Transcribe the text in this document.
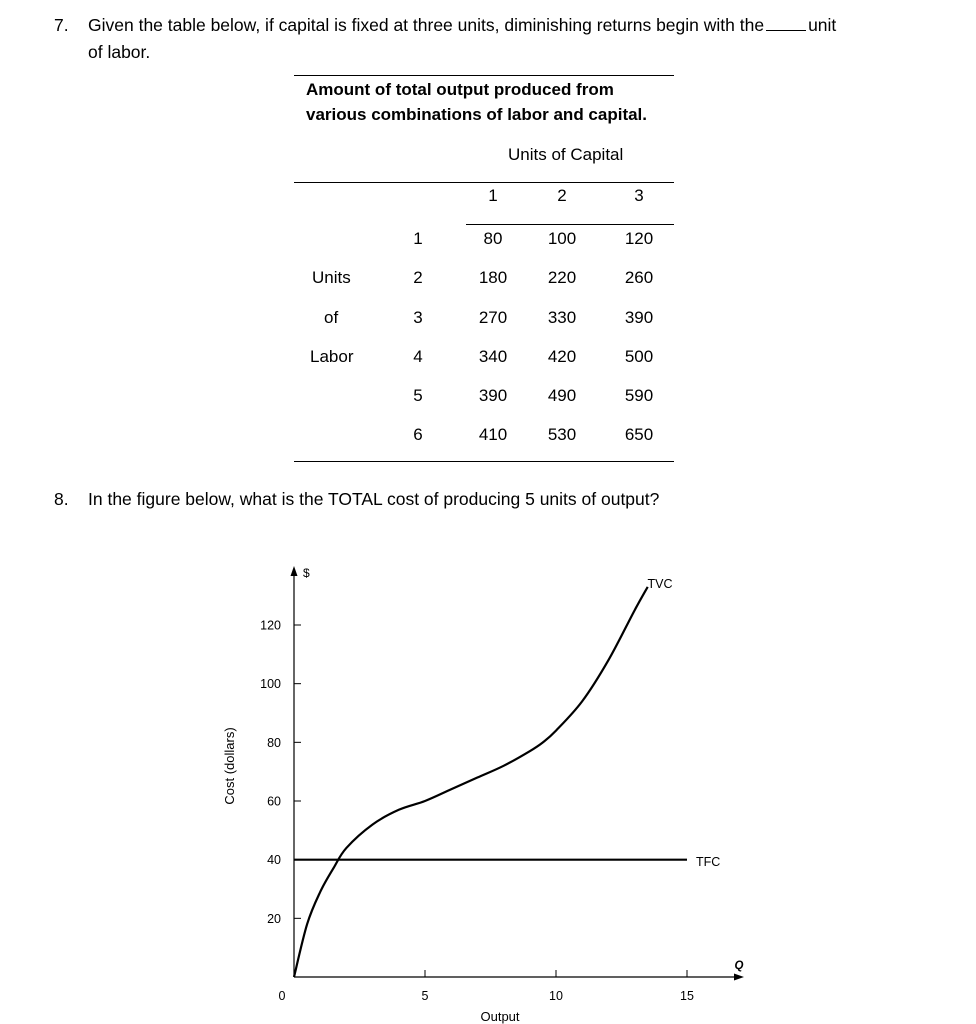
7. Given the table below, if capital is fixed at three units, diminishing returns begin with the	unit
of labor.
Amount of total output produced from
various combinations of labor and capital.
Units of Capital
1	2	3
Units
of
Labor
1	80	100	120
2	180	220	260
3	270	330	390
4	340	420	500
5	390	490	590
6	410	530	650
8. In the figure below, what is the TOTAL cost of producing 5 units of output?
20
40
60
80
100
120
0	5	10	15
Cost (dollars)
$
Output
Q
TVC
TFC
